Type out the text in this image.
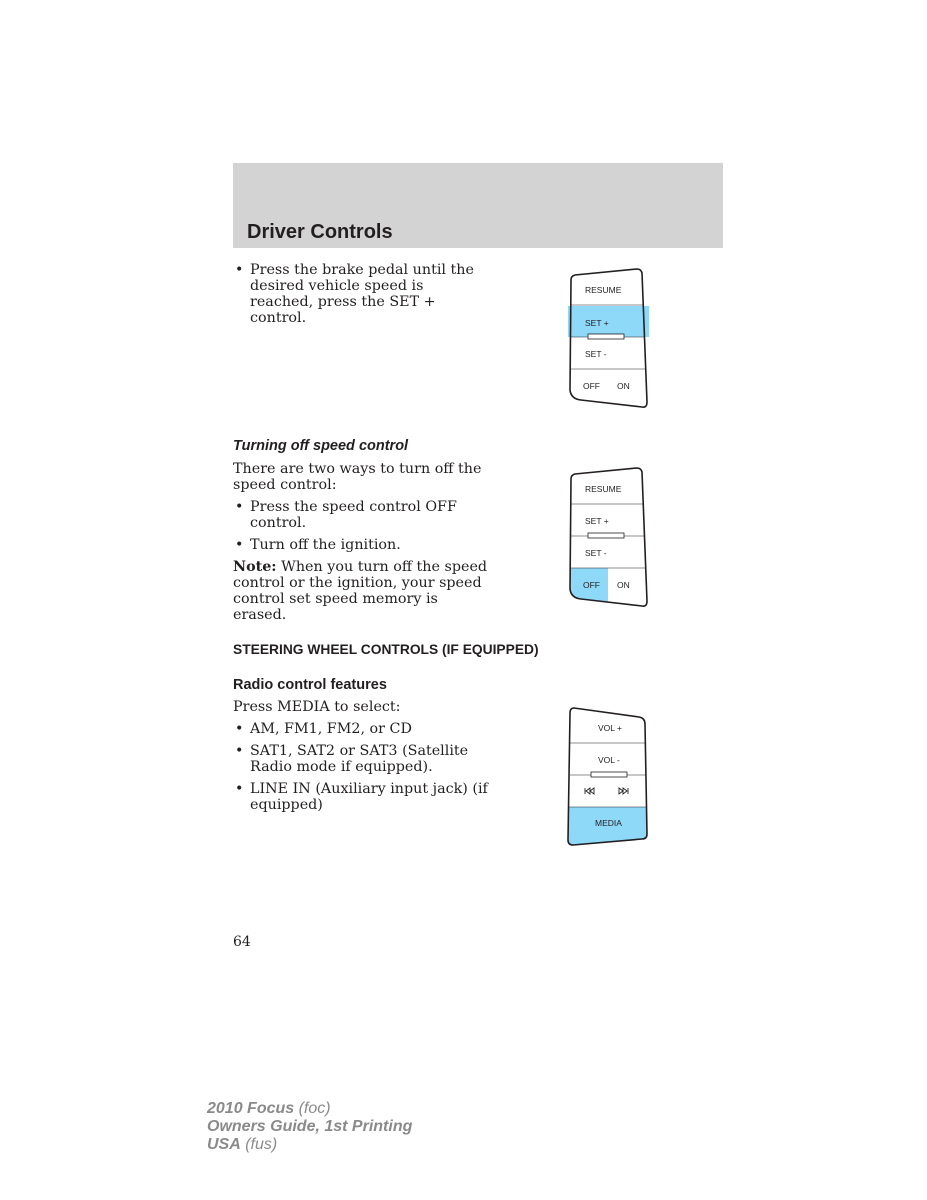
Driver Controls
• Press the brake pedal until the desired vehicle speed is reached, press the SET + control.
RESUME
SET +
SET -
OFF ON
Turning off speed control
There are two ways to turn off the speed control:
• Press the speed control OFF control.
• Turn off the ignition.
Note: When you turn off the speed control or the ignition, your speed control set speed memory is erased.
RESUME
SET +
SET -
OFF ON
STEERING WHEEL CONTROLS (IF EQUIPPED)
Radio control features
Press MEDIA to select:
• AM, FM1, FM2, or CD
• SAT1, SAT2 or SAT3 (Satellite Radio mode if equipped).
• LINE IN (Auxiliary input jack) (if equipped)
VOL +
VOL -
MEDIA
64
2010 Focus (foc)
Owners Guide, 1st Printing
USA (fus)
